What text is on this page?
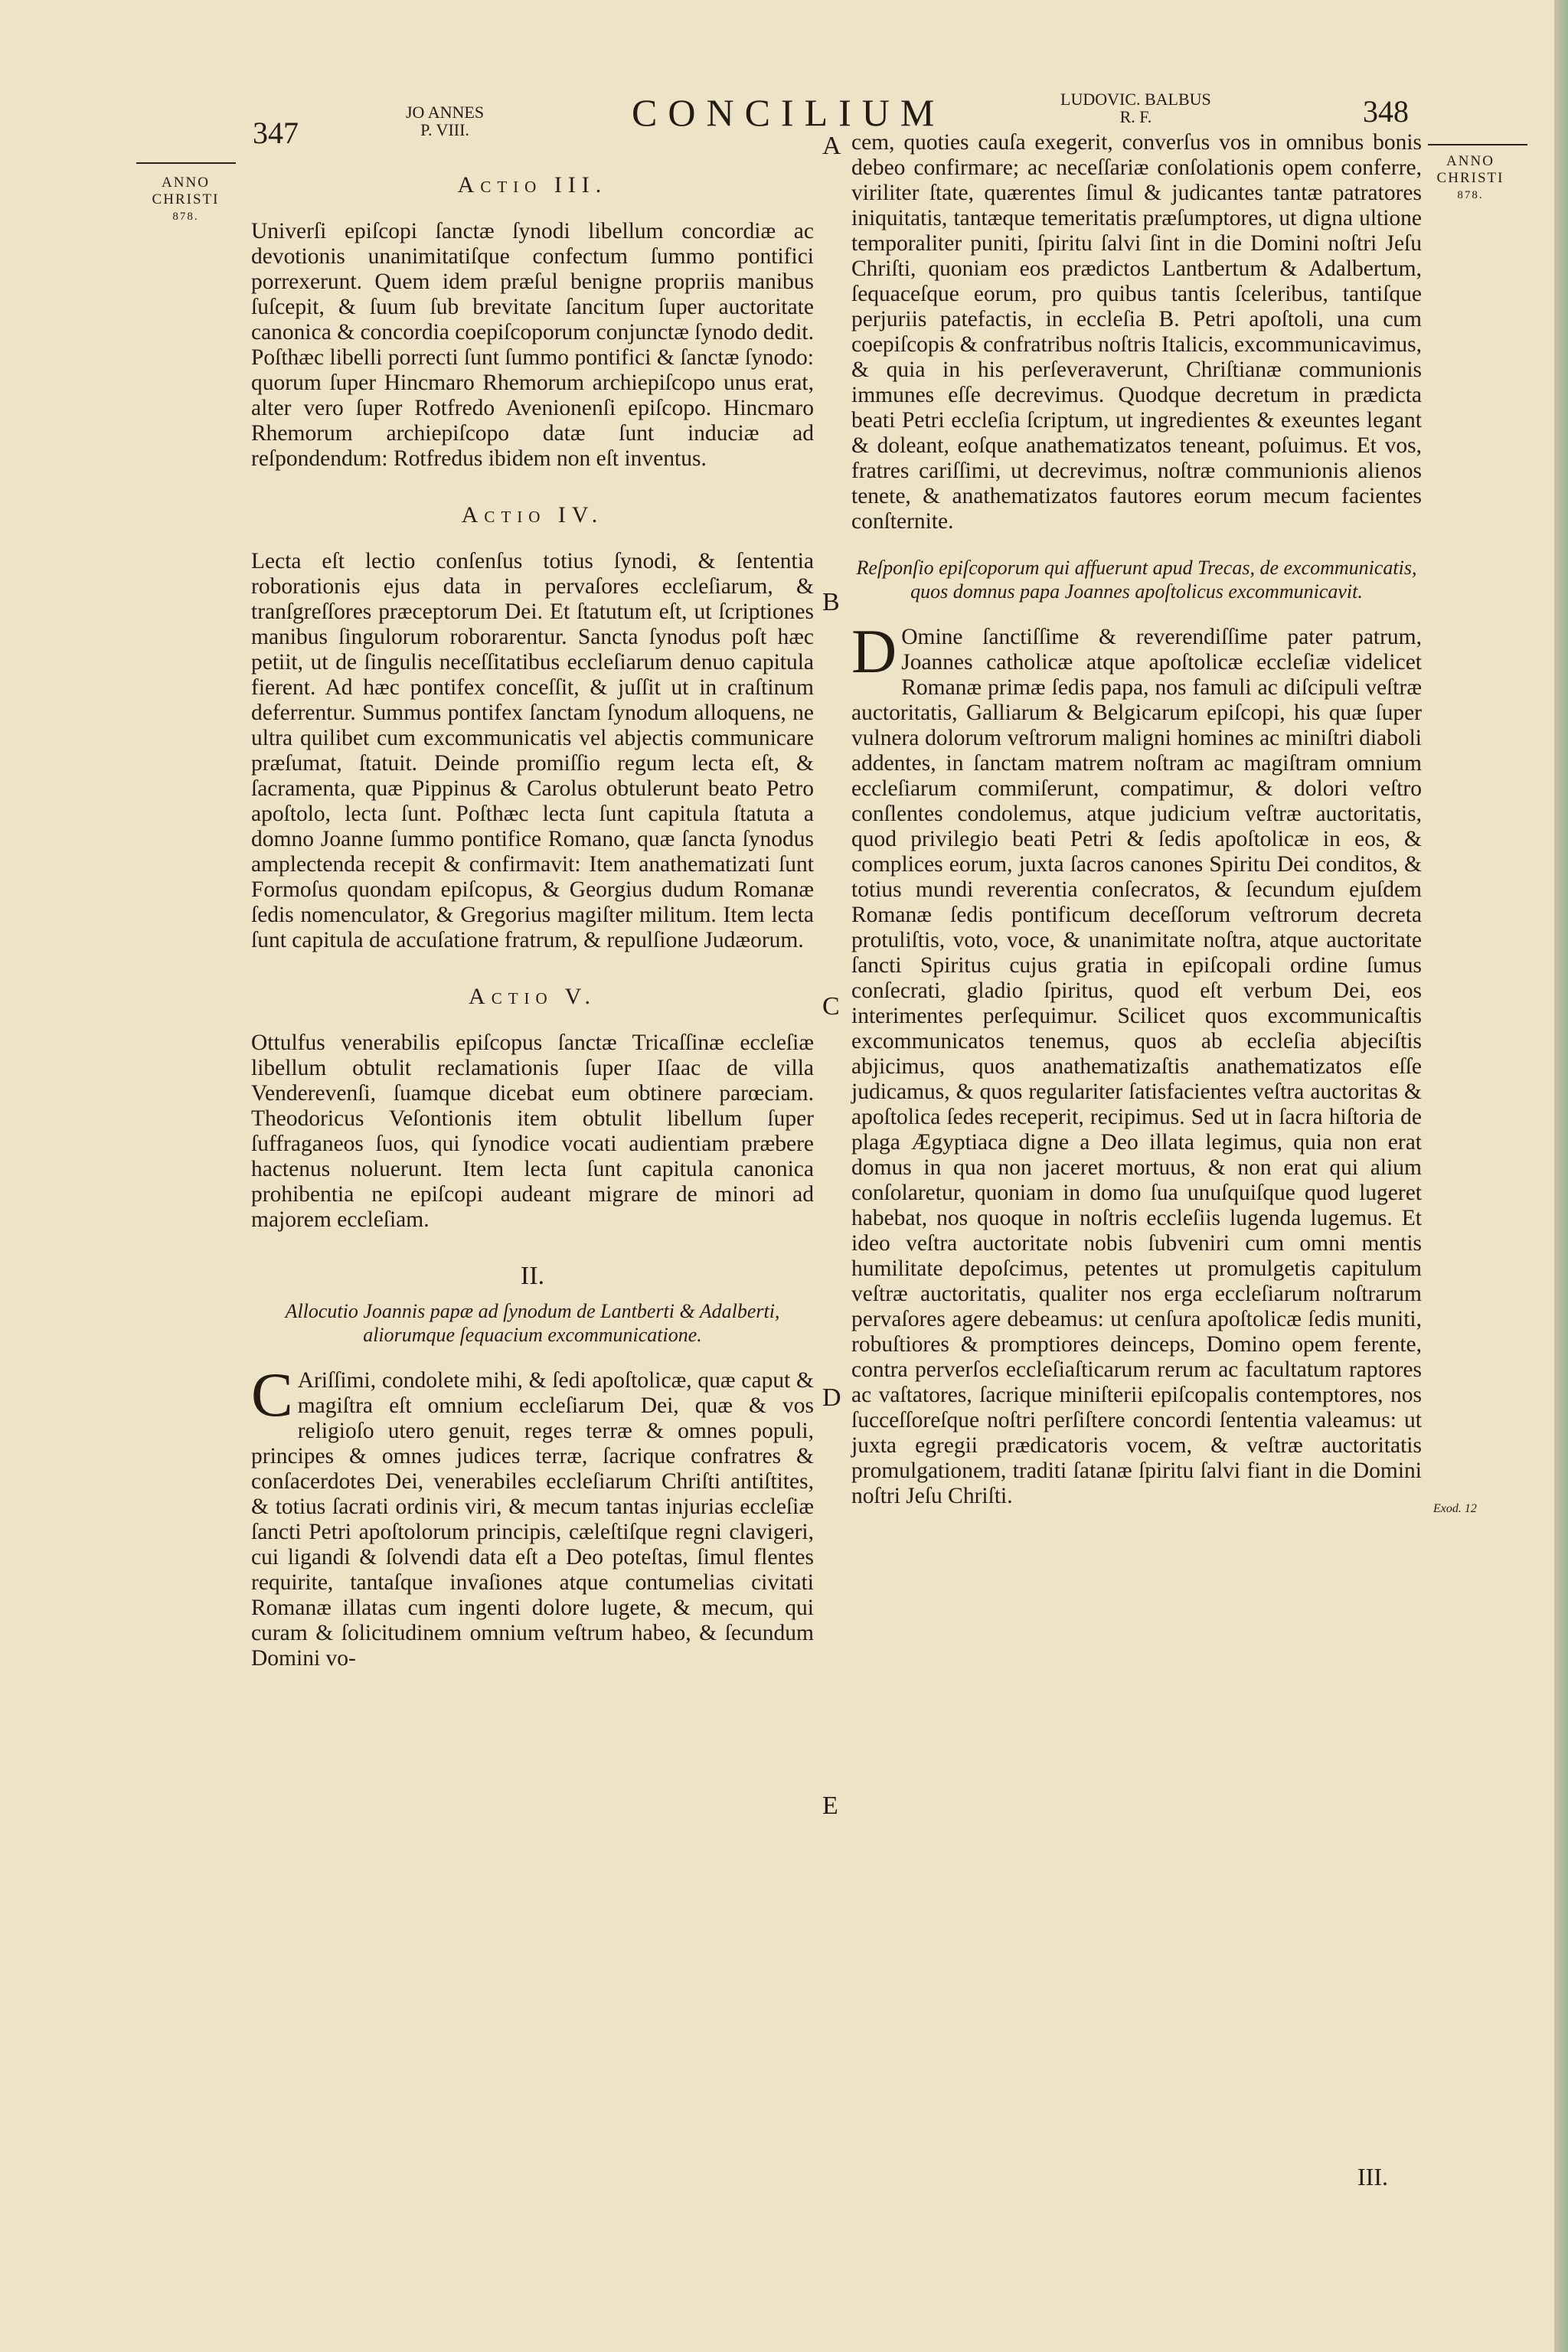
347
JO ANNES
P. VIII.	CONCILIUM	LUDOVIC. BALBUS
R. F.	348
ANNO
CHRISTI
878.
ANNO
CHRISTI
878.
A
B
C
D
E
Exod. 12
Actio III.

Univerſi epiſcopi ſanctæ ſynodi libellum concordiæ ac devotionis unanimitatiſque confectum ſummo pontifici porrexerunt. Quem idem præſul benigne propriis manibus ſuſcepit, & ſuum ſub brevitate ſancitum ſuper auctoritate canonica & concordia coepiſcoporum conjunctæ ſynodo dedit. Poſthæc libelli porrecti ſunt ſummo pontifici & ſanctæ ſynodo: quorum ſuper Hincmaro Rhemorum archiepiſcopo unus erat, alter vero ſuper Rotfredo Avenionenſi epiſcopo. Hincmaro Rhemorum archiepiſcopo datæ ſunt induciæ ad reſpondendum: Rotfredus ibidem non eſt inventus.

Actio IV.

Lecta eſt lectio conſenſus totius ſynodi, & ſententia roborationis ejus data in pervaſores eccleſiarum, & tranſgreſſores præceptorum Dei. Et ſtatutum eſt, ut ſcriptiones manibus ſingulorum roborarentur. Sancta ſynodus poſt hæc petiit, ut de ſingulis neceſſitatibus eccleſiarum denuo capitula fierent. Ad hæc pontifex conceſſit, & juſſit ut in craſtinum deferrentur. Summus pontifex ſanctam ſynodum alloquens, ne ultra quilibet cum excommunicatis vel abjectis communicare præſumat, ſtatuit. Deinde promiſſio regum lecta eſt, & ſacramenta, quæ Pippinus & Carolus obtulerunt beato Petro apoſtolo, lecta ſunt. Poſthæc lecta ſunt capitula ſtatuta a domno Joanne ſummo pontifice Romano, quæ ſancta ſynodus amplectenda recepit & confirmavit: Item anathematizati ſunt Formoſus quondam epiſcopus, & Georgius dudum Romanæ ſedis nomenculator, & Gregorius magiſter militum. Item lecta ſunt capitula de accuſatione fratrum, & repulſione Judæorum.

Actio V.

Ottulfus venerabilis epiſcopus ſanctæ Tricaſſinæ eccleſiæ libellum obtulit reclamationis ſuper Iſaac de villa Venderevenſi, ſuamque dicebat eum obtinere parœciam. Theodoricus Veſontionis item obtulit libellum ſuper ſuffraganeos ſuos, qui ſynodice vocati audientiam præbere hactenus noluerunt. Item lecta ſunt capitula canonica prohibentia ne epiſcopi audeant migrare de minori ad majorem eccleſiam.

II.

Allocutio Joannis papæ ad ſynodum de Lantberti & Adalberti, aliorumque ſequacium excommunicatione.

C Ariſſimi, condolete mihi, & ſedi apoſtolicæ, quæ caput & magiſtra eſt omnium eccleſiarum Dei, quæ & vos religioſo utero genuit, reges terræ & omnes populi, principes & omnes judices terræ, ſacrique confratres & conſacerdotes Dei, venerabiles eccleſiarum Chriſti antiſtites, & totius ſacrati ordinis viri, & mecum tantas injurias eccleſiæ ſancti Petri apoſtolorum principis, cæleſtiſque regni clavigeri, cui ligandi & ſolvendi data eſt a Deo poteſtas, ſimul flentes requirite, tantaſque invaſiones atque contumelias civitati Romanæ illatas cum ingenti dolore lugete, & mecum, qui curam & ſolicitudinem omnium veſtrum habeo, & ſecundum Domini vo-

cem, quoties cauſa exegerit, converſus vos in omnibus bonis debeo confirmare; ac neceſſariæ conſolationis opem conferre, viriliter ſtate, quærentes ſimul & judicantes tantæ patratores iniquitatis, tantæque temeritatis præſumptores, ut digna ultione temporaliter puniti, ſpiritu ſalvi ſint in die Domini noſtri Jeſu Chriſti, quoniam eos prædictos Lantbertum & Adalbertum, ſequaceſque eorum, pro quibus tantis ſceleribus, tantiſque perjuriis patefactis, in eccleſia B. Petri apoſtoli, una cum coepiſcopis & confratribus noſtris Italicis, excommunicavimus, & quia in his perſeveraverunt, Chriſtianæ communionis immunes eſſe decrevimus. Quodque decretum in prædicta beati Petri eccleſia ſcriptum, ut ingredientes & exeuntes legant & doleant, eoſque anathematizatos teneant, poſuimus. Et vos, fratres cariſſimi, ut decrevimus, noſtræ communionis alienos tenete, & anathematizatos fautores eorum mecum facientes conſternite.

Reſponſio epiſcoporum qui affuerunt apud Trecas, de excommunicatis, quos domnus papa Joannes apoſtolicus excommunicavit.

D Omine ſanctiſſime & reverendiſſime pater patrum, Joannes catholicæ atque apoſtolicæ eccleſiæ videlicet Romanæ primæ ſedis papa, nos famuli ac diſcipuli veſtræ auctoritatis, Galliarum & Belgicarum epiſcopi, his quæ ſuper vulnera dolorum veſtrorum maligni homines ac miniſtri diaboli addentes, in ſanctam matrem noſtram ac magiſtram omnium eccleſiarum commiſerunt, compatimur, & dolori veſtro conſlentes condolemus, atque judicium veſtræ auctoritatis, quod privilegio beati Petri & ſedis apoſtolicæ in eos, & complices eorum, juxta ſacros canones Spiritu Dei conditos, & totius mundi reverentia conſecratos, & ſecundum ejuſdem Romanæ ſedis pontificum deceſſorum veſtrorum decreta protuliſtis, voto, voce, & unanimitate noſtra, atque auctoritate ſancti Spiritus cujus gratia in epiſcopali ordine ſumus conſecrati, gladio ſpiritus, quod eſt verbum Dei, eos interimentes perſequimur. Scilicet quos excommunicaſtis excommunicatos tenemus, quos ab eccleſia abjeciſtis abjicimus, quos anathematizaſtis anathematizatos eſſe judicamus, & quos regulariter ſatisfacientes veſtra auctoritas & apoſtolica ſedes receperit, recipimus. Sed ut in ſacra hiſtoria de plaga Ægyptiaca digne a Deo illata legimus, quia non erat domus in qua non jaceret mortuus, & non erat qui alium conſolaretur, quoniam in domo ſua unuſquiſque quod lugeret habebat, nos quoque in noſtris eccleſiis lugenda lugemus. Et ideo veſtra auctoritate nobis ſubveniri cum omni mentis humilitate depoſcimus, petentes ut promulgetis capitulum veſtræ auctoritatis, qualiter nos erga eccleſiarum noſtrarum pervaſores agere debeamus: ut cenſura apoſtolicæ ſedis muniti, robuſtiores & promptiores deinceps, Domino opem ferente, contra perverſos eccleſiaſticarum rerum ac facultatum raptores ac vaſtatores, ſacrique miniſterii epiſcopalis contemptores, nos ſucceſſoreſque noſtri perſiſtere concordi ſententia valeamus: ut juxta egregii prædicatoris vocem, & veſtræ auctoritatis promulgationem, traditi ſatanæ ſpiritu ſalvi fiant in die Domini noſtri Jeſu Chriſti.

III.
